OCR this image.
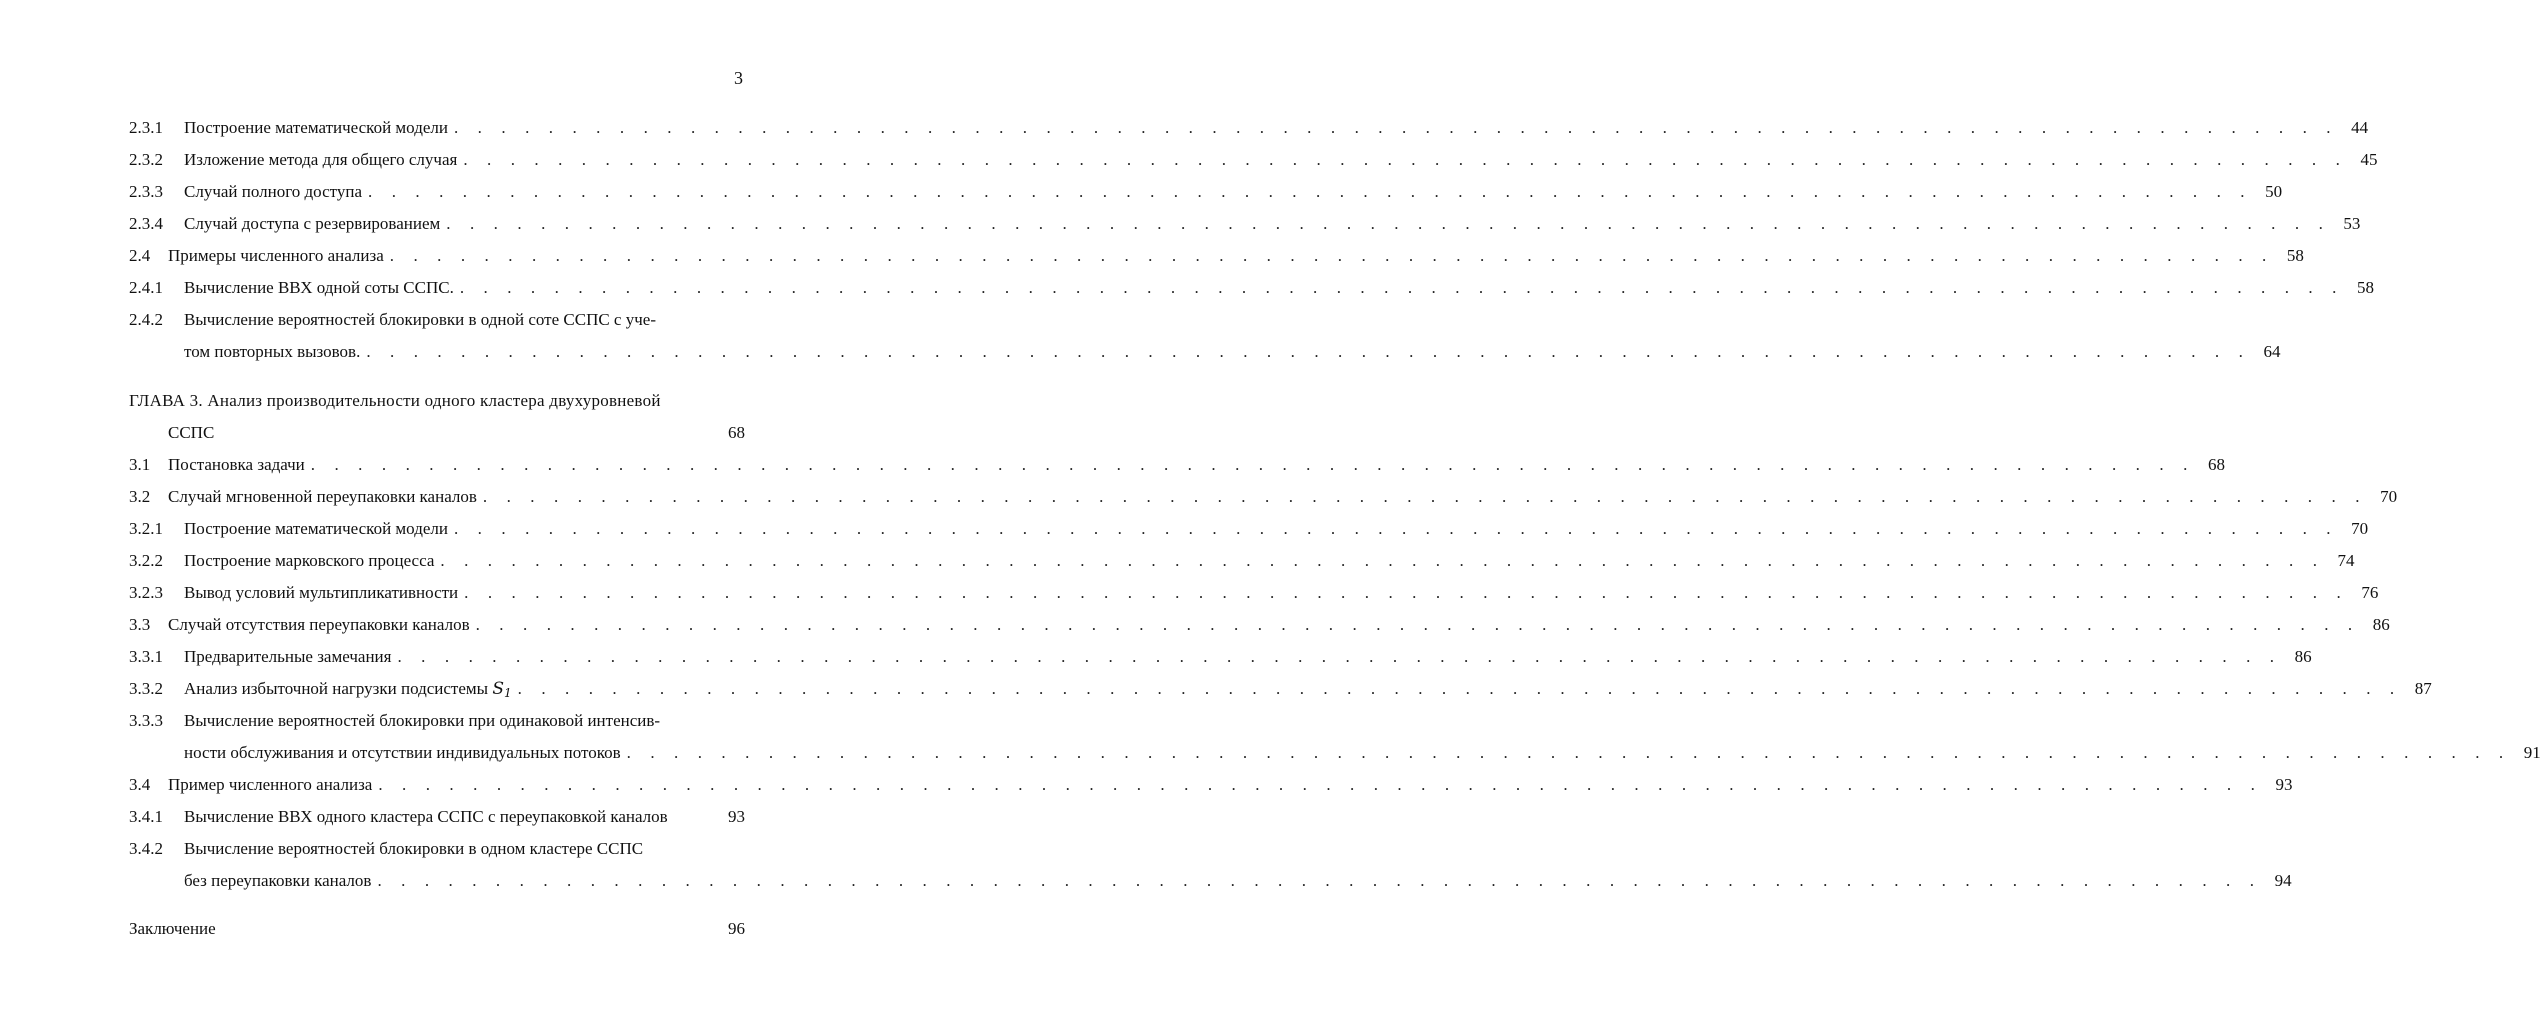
3
2.3.1	Построение математической модели . . .	44
2.3.2	Изложение метода для общего случая . . .	45
2.3.3	Случай полного доступа . . .	50
2.3.4	Случай доступа с резервированием . . .	53
2.4	Примеры численного анализа . . .	58
2.4.1	Вычисление ВВХ одной соты ССПС. . . .	58
2.4.2	Вычисление вероятностей блокировки в одной соте ССПС с уче-
том повторных вызовов. . . .	64
ГЛАВА 3. Анализ производительности одного кластера двухуровневой
ССПС	68
3.1	Постановка задачи . . .	68
3.2	Случай мгновенной переупаковки каналов . . .	70
3.2.1	Построение математической модели . . .	70
3.2.2	Построение марковского процесса . . .	74
3.2.3	Вывод условий мультипликативности . . .	76
3.3	Случай отсутствия переупаковки каналов . . .	86
3.3.1	Предварительные замечания . . .	86
3.3.2	Анализ избыточной нагрузки подсистемы S1 . . .	87
3.3.3	Вычисление вероятностей блокировки при одинаковой интенсив-
ности обслуживания и отсутствии индивидуальных потоков . . .	91
3.4	Пример численного анализа . . .	93
3.4.1	Вычисление ВВХ одного кластера ССПС с переупаковкой каналов	93
3.4.2	Вычисление вероятностей блокировки в одном кластере ССПС
без переупаковки каналов . . .	94
Заключение	96
